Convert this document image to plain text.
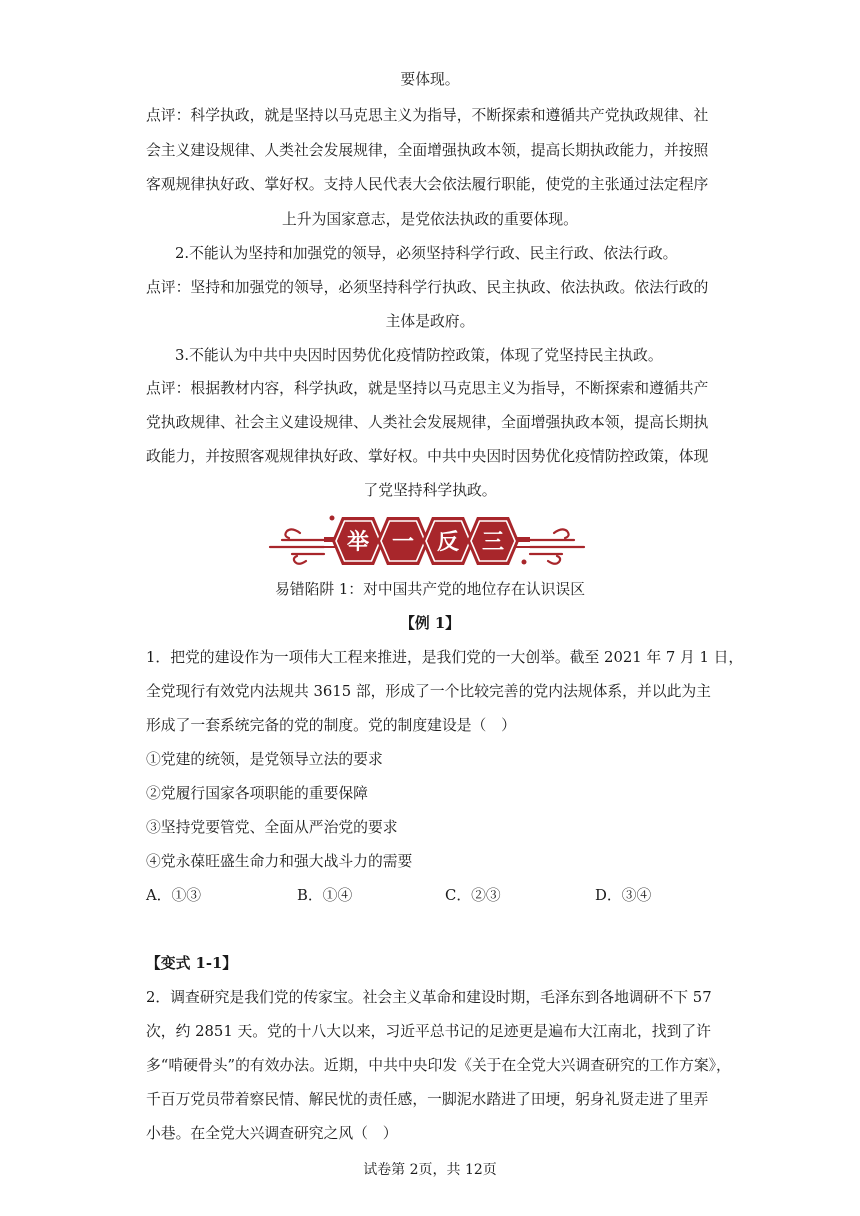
要体现。
点评：科学执政，就是坚持以马克思主义为指导，不断探索和遵循共产党执政规律、社
会主义建设规律、人类社会发展规律，全面增强执政本领，提高长期执政能力，并按照
客观规律执好政、掌好权。支持人民代表大会依法履行职能，使党的主张通过法定程序
上升为国家意志，是党依法执政的重要体现。
2.不能认为坚持和加强党的领导，必须坚持科学行政、民主行政、依法行政。
点评：坚持和加强党的领导，必须坚持科学行执政、民主执政、依法执政。依法行政的
主体是政府。
3.不能认为中共中央因时因势优化疫情防控政策，体现了党坚持民主执政。
点评：根据教材内容，科学执政，就是坚持以马克思主义为指导，不断探索和遵循共产
党执政规律、社会主义建设规律、人类社会发展规律，全面增强执政本领，提高长期执
政能力，并按照客观规律执好政、掌好权。中共中央因时因势优化疫情防控政策，体现
了党坚持科学执政。
举 一 反 三
易错陷阱 1：对中国共产党的地位存在认识误区
【例 1】
1．把党的建设作为一项伟大工程来推进，是我们党的一大创举。截至 2021 年 7 月 1 日，
全党现行有效党内法规共 3615 部，形成了一个比较完善的党内法规体系，并以此为主
形成了一套系统完备的党的制度。党的制度建设是（　）
①党建的统领，是党领导立法的要求
②党履行国家各项职能的重要保障
③坚持党要管党、全面从严治党的要求
④党永葆旺盛生命力和强大战斗力的需要
A．①③	B．①④	C．②③	D．③④
【变式 1-1】
2．调查研究是我们党的传家宝。社会主义革命和建设时期，毛泽东到各地调研不下 57
次，约 2851 天。党的十八大以来，习近平总书记的足迹更是遍布大江南北，找到了许
多“啃硬骨头”的有效办法。近期，中共中央印发《关于在全党大兴调查研究的工作方案》，
千百万党员带着察民情、解民忧的责任感，一脚泥水踏进了田埂，躬身礼贤走进了里弄
小巷。在全党大兴调查研究之风（　）
试卷第 2页，共 12页
